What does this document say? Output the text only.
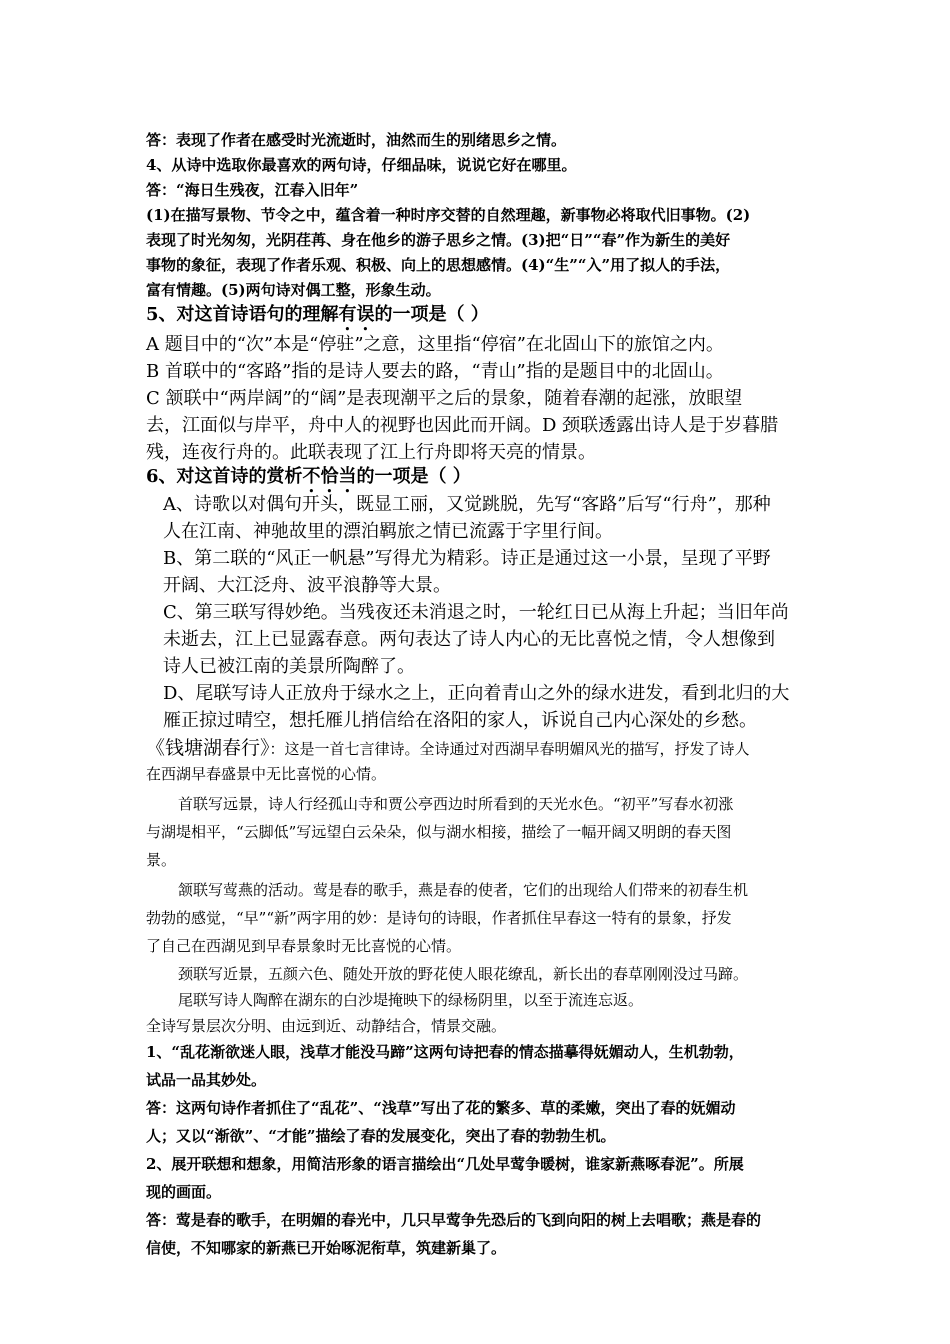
答：表现了作者在感受时光流逝时，油然而生的别绪思乡之情。

4、从诗中选取你最喜欢的两句诗，仔细品味，说说它好在哪里。

答：“海日生残夜，江春入旧年”

(1)在描写景物、节令之中，蕴含着一种时序交替的自然理趣，新事物必将取代旧事物。(2)

表现了时光匆匆，光阴荏苒、身在他乡的游子思乡之情。(3)把“日”“春”作为新生的美好

事物的象征，表现了作者乐观、积极、向上的思想感情。(4)“生”“入”用了拟人的手法，

富有情趣。(5)两句诗对偶工整，形象生动。

5、对这首诗语句的理解有误的一项是（ ）

A 题目中的“次”本是“停驻”之意，这里指“停宿”在北固山下的旅馆之内。

B 首联中的“客路”指的是诗人要去的路，“青山”指的是题目中的北固山。

C 颔联中“两岸阔”的“阔”是表现潮平之后的景象，随着春潮的起涨，放眼望

去，江面似与岸平，舟中人的视野也因此而开阔。D 颈联透露出诗人是于岁暮腊

残，连夜行舟的。此联表现了江上行舟即将天亮的情景。

6、对这首诗的赏析不恰当的一项是（ ）

A、诗歌以对偶句开头，既显工丽，又觉跳脱，先写“客路”后写“行舟”，那种

人在江南、神驰故里的漂泊羁旅之情已流露于字里行间。

B、第二联的“风正一帆悬”写得尤为精彩。诗正是通过这一小景，呈现了平野

开阔、大江泛舟、波平浪静等大景。

C、第三联写得妙绝。当残夜还未消退之时，一轮红日已从海上升起；当旧年尚

未逝去，江上已显露春意。两句表达了诗人内心的无比喜悦之情，令人想像到

诗人已被江南的美景所陶醉了。

D、尾联写诗人正放舟于绿水之上，正向着青山之外的绿水进发，看到北归的大

雁正掠过晴空，想托雁儿捎信给在洛阳的家人，诉说自己内心深处的乡愁。

《钱塘湖春行》：这是一首七言律诗。全诗通过对西湖早春明媚风光的描写，抒发了诗人

在西湖早春盛景中无比喜悦的心情。

首联写远景，诗人行经孤山寺和贾公亭西边时所看到的天光水色。“初平”写春水初涨

与湖堤相平，“云脚低”写远望白云朵朵，似与湖水相接，描绘了一幅开阔又明朗的春天图

景。

颔联写莺燕的活动。莺是春的歌手，燕是春的使者，它们的出现给人们带来的初春生机

勃勃的感觉，“早”“新”两字用的妙：是诗句的诗眼，作者抓住早春这一特有的景象，抒发

了自己在西湖见到早春景象时无比喜悦的心情。

颈联写近景，五颜六色、随处开放的野花使人眼花缭乱，新长出的春草刚刚没过马蹄。

尾联写诗人陶醉在湖东的白沙堤掩映下的绿杨阴里，以至于流连忘返。

全诗写景层次分明、由远到近、动静结合，情景交融。

1、“乱花渐欲迷人眼，浅草才能没马蹄”这两句诗把春的情态描摹得妩媚动人，生机勃勃，

试品一品其妙处。

答：这两句诗作者抓住了“乱花”、“浅草”写出了花的繁多、草的柔嫩，突出了春的妩媚动

人；又以“渐欲”、“才能”描绘了春的发展变化，突出了春的勃勃生机。

2、展开联想和想象，用简洁形象的语言描绘出“几处早莺争暖树，谁家新燕啄春泥”。所展

现的画面。

答：莺是春的歌手，在明媚的春光中，几只早莺争先恐后的飞到向阳的树上去唱歌；燕是春的

信使，不知哪家的新燕已开始啄泥衔草，筑建新巢了。
